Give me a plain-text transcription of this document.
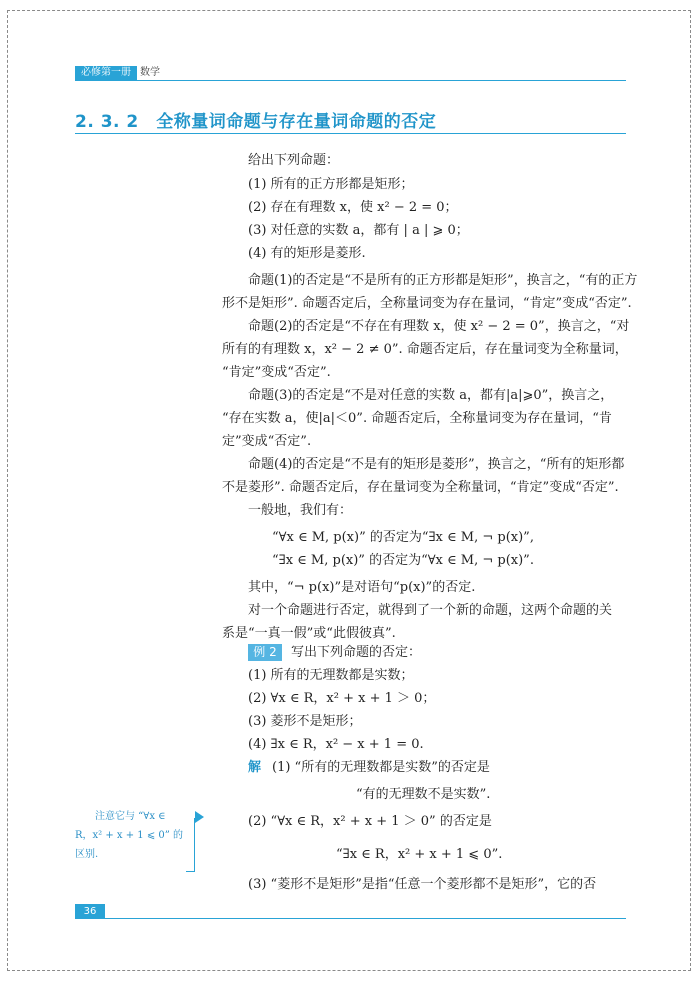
必修第一册 数学
2. 3. 2　全称量词命题与存在量词命题的否定
给出下列命题：
(1) 所有的正方形都是矩形；
(2) 存在有理数 x，使 x² − 2 = 0；
(3) 对任意的实数 a，都有 | a | ⩾ 0；
(4) 有的矩形是菱形.
命题(1)的否定是“不是所有的正方形都是矩形”，换言之，“有的正方
形不是矩形”. 命题否定后，全称量词变为存在量词，“肯定”变成“否定”.
命题(2)的否定是“不存在有理数 x，使 x² − 2 = 0”，换言之，“对
所有的有理数 x，x² − 2 ≠ 0”. 命题否定后，存在量词变为全称量词，
“肯定”变成“否定”.
命题(3)的否定是“不是对任意的实数 a，都有|a|⩾0”，换言之，
“存在实数 a，使|a|＜0”. 命题否定后，全称量词变为存在量词，“肯
定”变成“否定”.
命题(4)的否定是“不是有的矩形是菱形”，换言之，“所有的矩形都
不是菱形”. 命题否定后，存在量词变为全称量词，“肯定”变成“否定”.
一般地，我们有：
“∀x ∈ M, p(x)” 的否定为“∃x ∈ M, ¬ p(x)”,
“∃x ∈ M, p(x)” 的否定为“∀x ∈ M, ¬ p(x)”.
其中，“¬ p(x)”是对语句“p(x)”的否定.
对一个命题进行否定，就得到了一个新的命题，这两个命题的关
系是“一真一假”或“此假彼真”.
例 2	写出下列命题的否定：
(1) 所有的无理数都是实数；
(2) ∀x ∈ R，x² + x + 1 ＞ 0；
(3) 菱形不是矩形；
(4) ∃x ∈ R，x² − x + 1 = 0.
解 (1) “所有的无理数都是实数”的否定是
“有的无理数不是实数”.
(2) “∀x ∈ R，x² + x + 1 ＞ 0” 的否定是
“∃x ∈ R，x² + x + 1 ⩽ 0”.
(3) “菱形不是矩形”是指“任意一个菱形都不是矩形”，它的否
注意它与 “∀x ∈
R，x² + x + 1 ⩽ 0” 的
区别.
36
